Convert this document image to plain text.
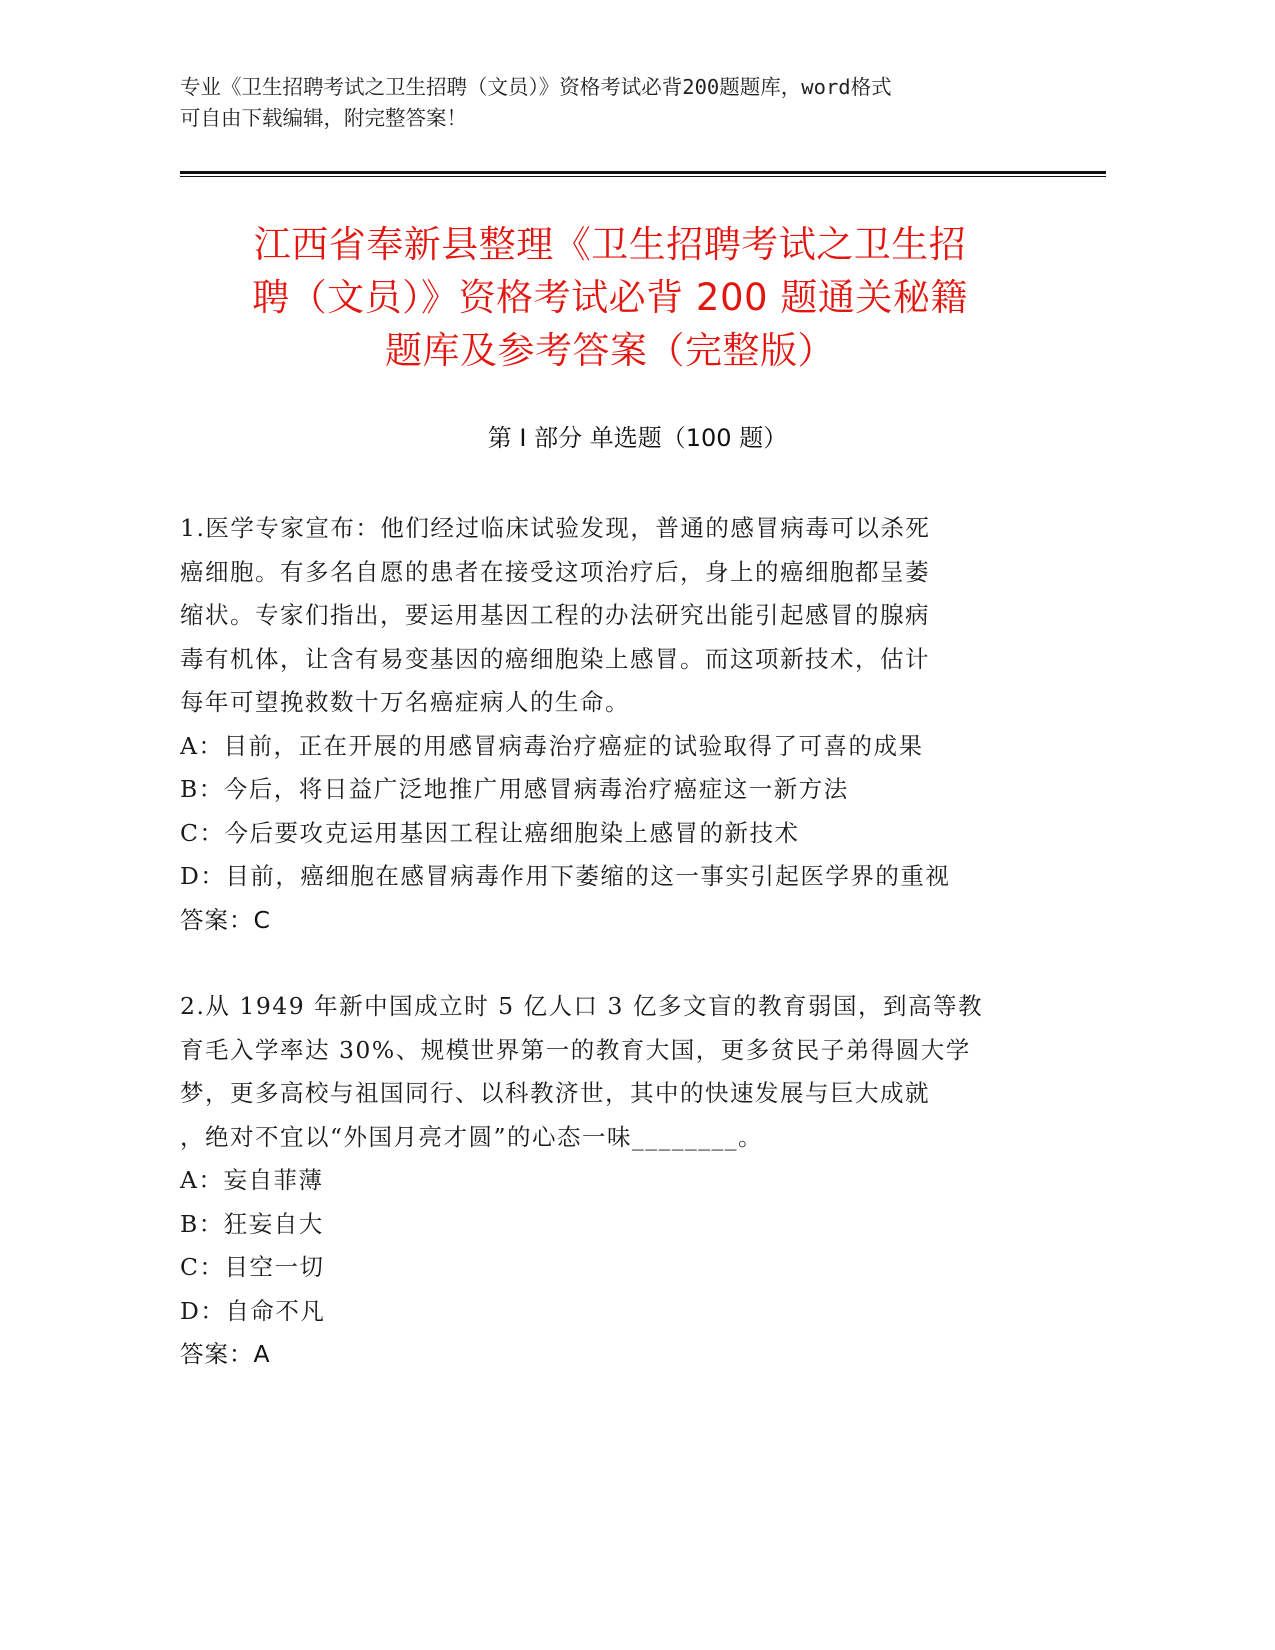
专业《卫生招聘考试之卫生招聘（文员）》资格考试必背200题题库，word格式
可自由下载编辑，附完整答案！
江西省奉新县整理《卫生招聘考试之卫生招
聘（文员）》资格考试必背 200 题通关秘籍
题库及参考答案（完整版）
第 I 部分 单选题（100 题）
1.医学专家宣布：他们经过临床试验发现，普通的感冒病毒可以杀死
癌细胞。有多名自愿的患者在接受这项治疗后，身上的癌细胞都呈萎
缩状。专家们指出，要运用基因工程的办法研究出能引起感冒的腺病
毒有机体，让含有易变基因的癌细胞染上感冒。而这项新技术，估计
每年可望挽救数十万名癌症病人的生命。
A：目前，正在开展的用感冒病毒治疗癌症的试验取得了可喜的成果
B：今后，将日益广泛地推广用感冒病毒治疗癌症这一新方法
C：今后要攻克运用基因工程让癌细胞染上感冒的新技术
D：目前，癌细胞在感冒病毒作用下萎缩的这一事实引起医学界的重视
答案：C
2.从 1949 年新中国成立时 5 亿人口 3 亿多文盲的教育弱国，到高等教
育毛入学率达 30%、规模世界第一的教育大国，更多贫民子弟得圆大学
梦，更多高校与祖国同行、以科教济世，其中的快速发展与巨大成就
，绝对不宜以“外国月亮才圆”的心态一味________。
A：妄自菲薄
B：狂妄自大
C：目空一切
D：自命不凡
答案：A
